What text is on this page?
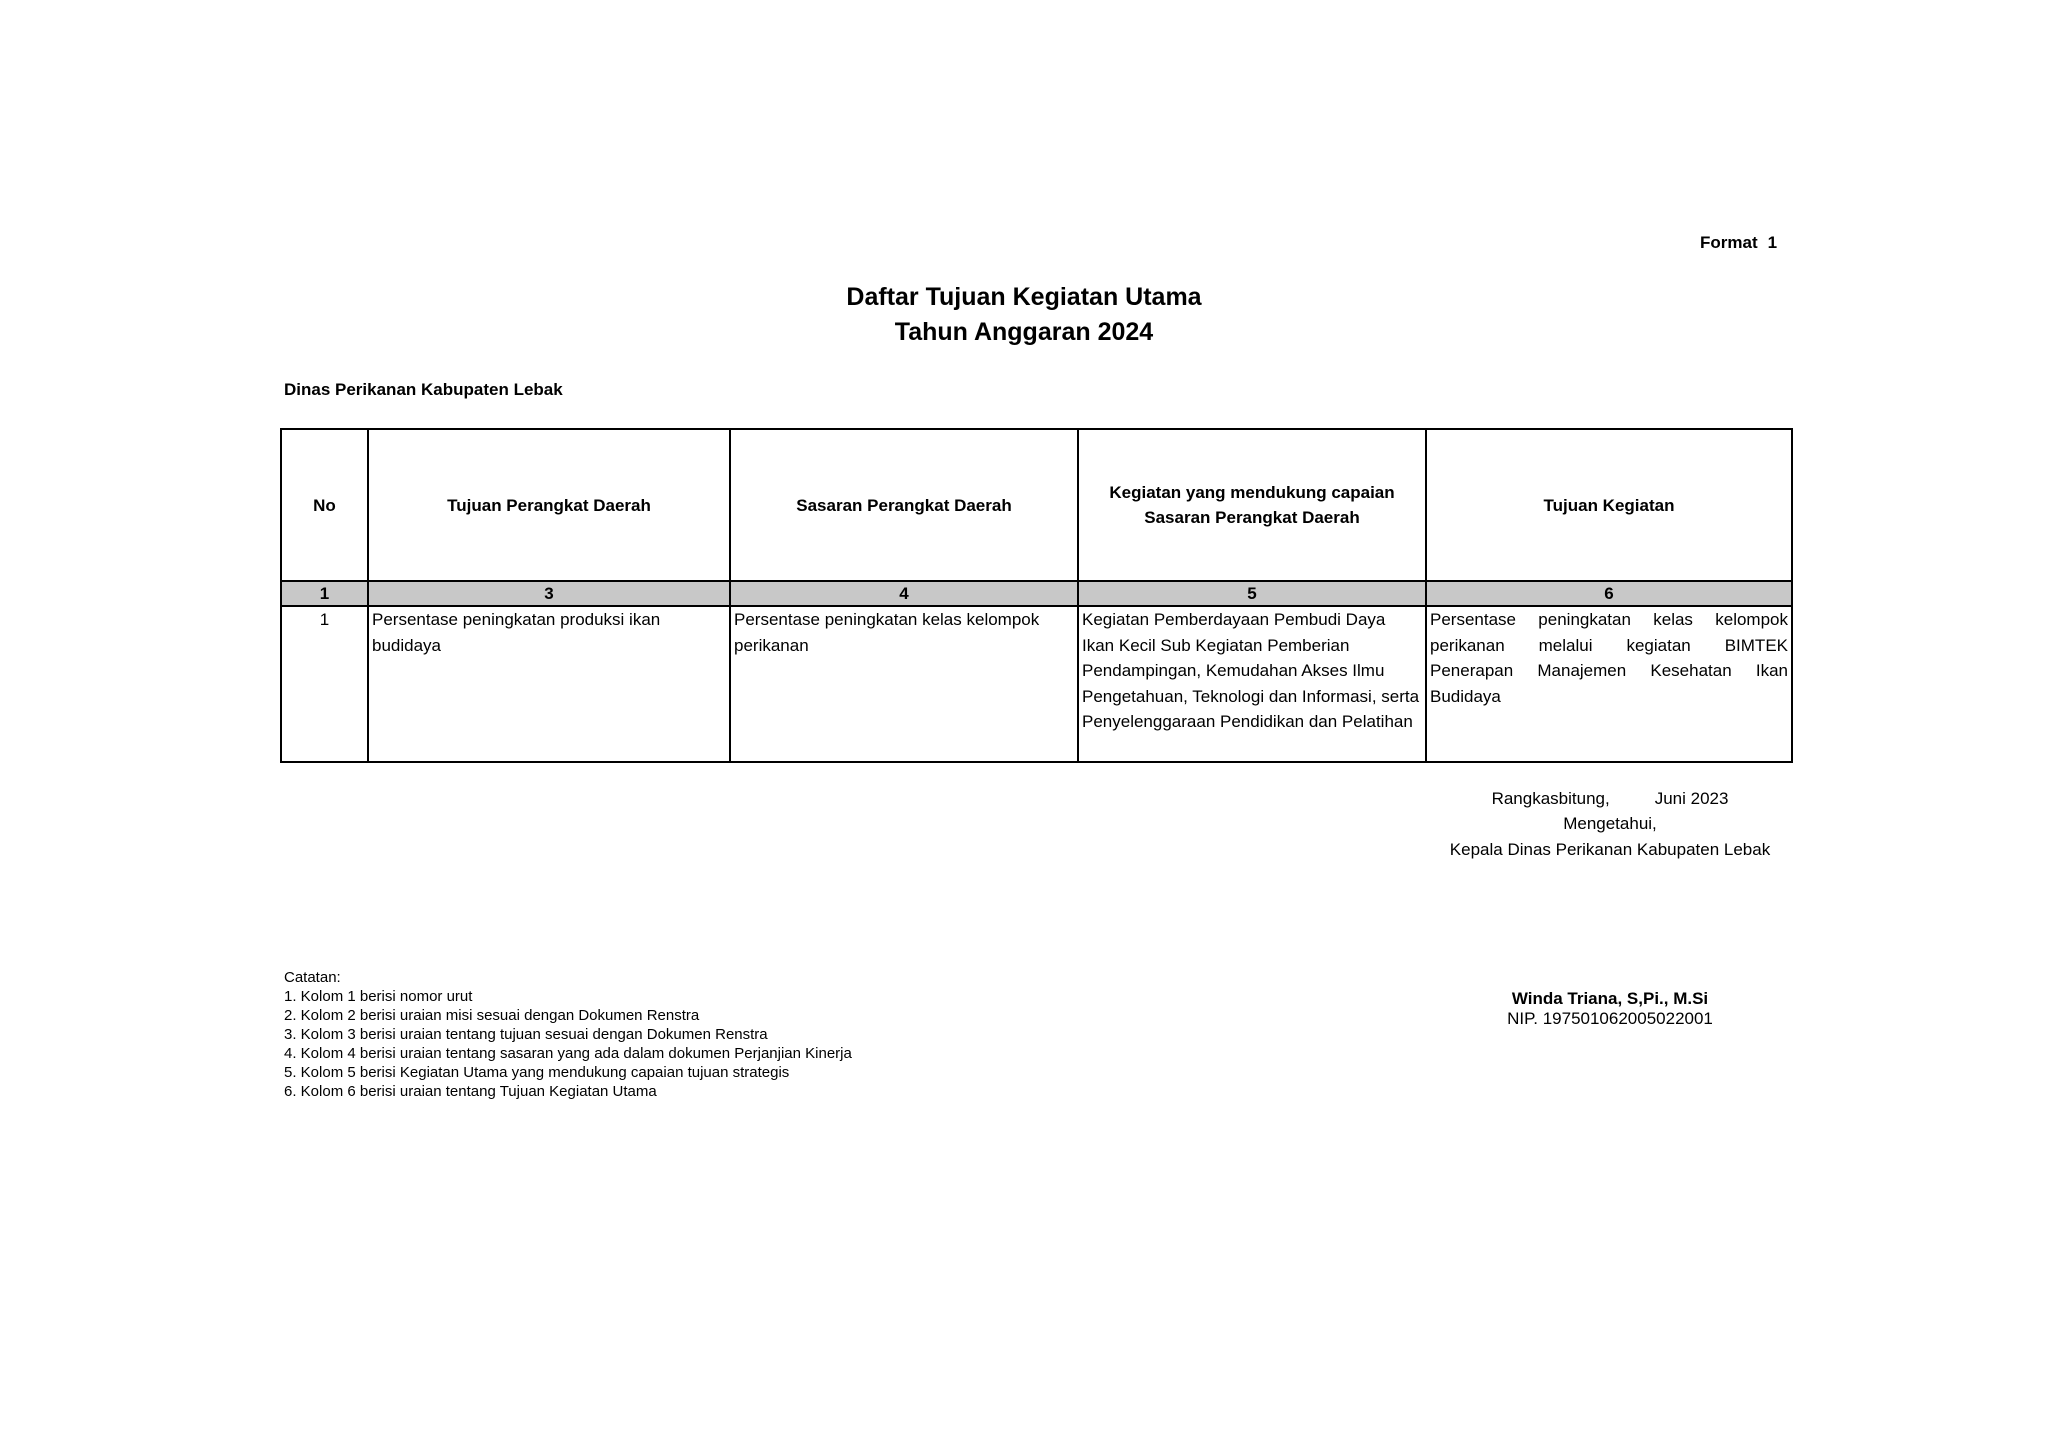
Format 1
Daftar Tujuan Kegiatan Utama
Tahun Anggaran 2024
Dinas Perikanan Kabupaten Lebak
No	Tujuan Perangkat Daerah	Sasaran Perangkat Daerah	Kegiatan yang mendukung capaian Sasaran Perangkat Daerah	Tujuan Kegiatan
1	3	4	5	6
1	Persentase peningkatan produksi ikan budidaya	Persentase peningkatan kelas kelompok perikanan	Kegiatan Pemberdayaan Pembudi Daya Ikan Kecil Sub Kegiatan Pemberian Pendampingan, Kemudahan Akses Ilmu Pengetahuan, Teknologi dan Informasi, serta Penyelenggaraan Pendidikan dan Pelatihan	Persentase peningkatan kelas kelompok perikanan melalui kegiatan BIMTEK Penerapan Manajemen Kesehatan Ikan Budidaya
Rangkasbitung,	Juni 2023
Mengetahui,
Kepala Dinas Perikanan Kabupaten Lebak
Winda Triana, S,Pi., M.Si
NIP. 197501062005022001
Catatan:
1. Kolom 1 berisi nomor urut
2. Kolom 2 berisi uraian misi sesuai dengan Dokumen Renstra
3. Kolom 3 berisi uraian tentang tujuan sesuai dengan Dokumen Renstra
4. Kolom 4 berisi uraian tentang sasaran yang ada dalam dokumen Perjanjian Kinerja
5. Kolom 5 berisi Kegiatan Utama yang mendukung capaian tujuan strategis
6. Kolom 6 berisi uraian tentang Tujuan Kegiatan Utama
